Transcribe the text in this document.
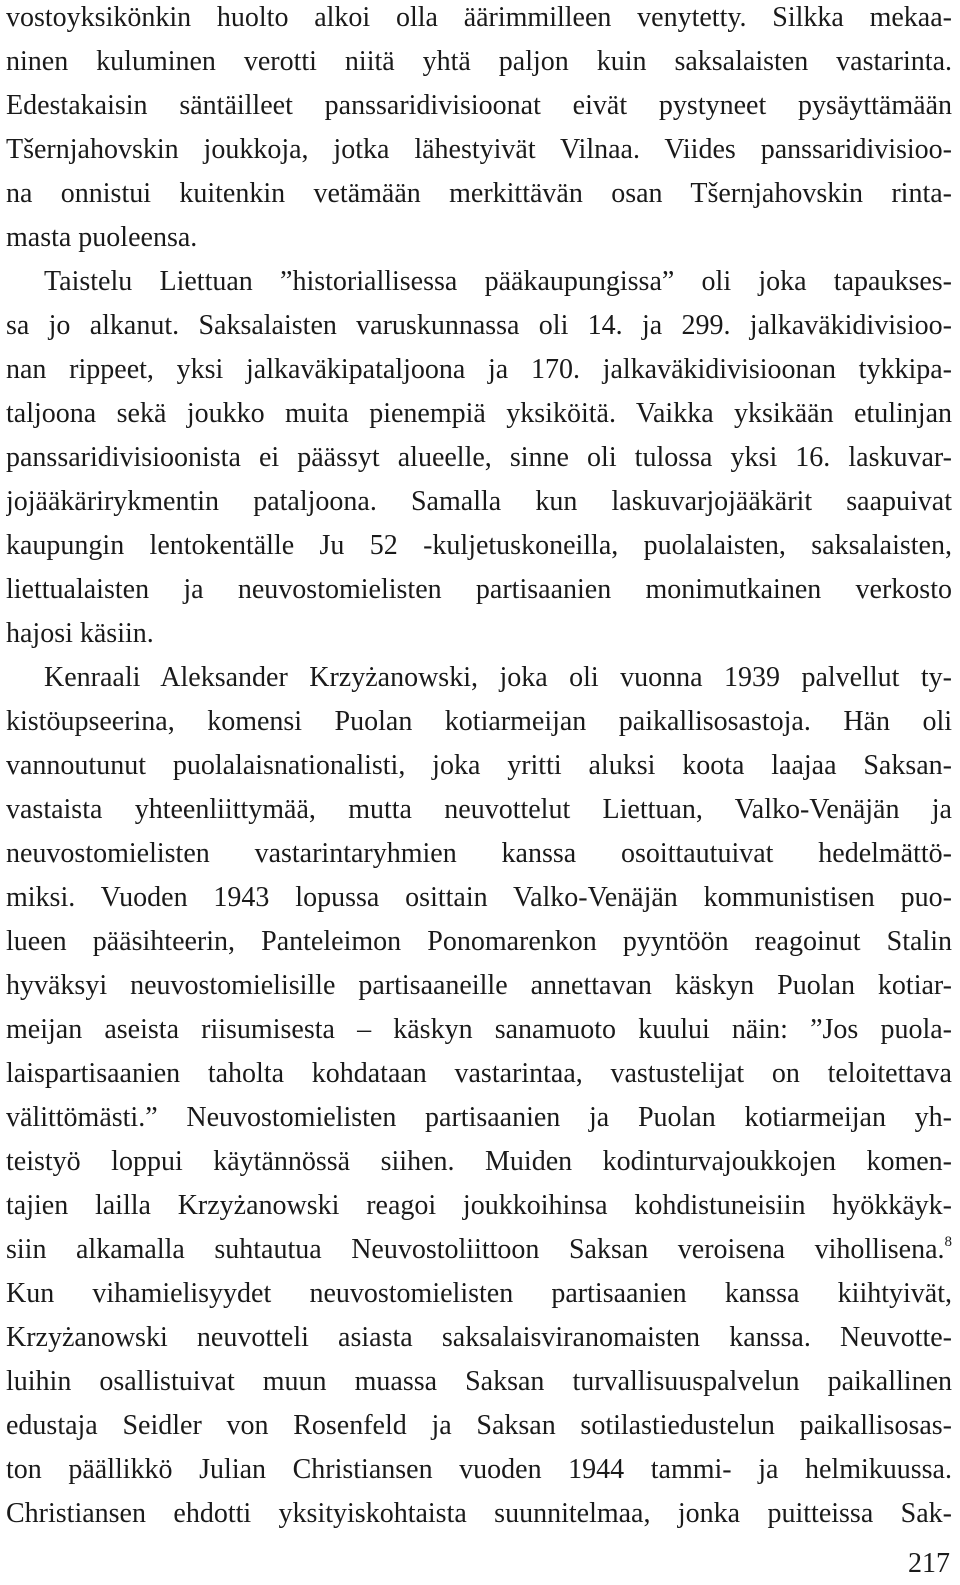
vostoyksikönkin huolto alkoi olla äärimmilleen venytetty. Silkka mekaa-
ninen kuluminen verotti niitä yhtä paljon kuin saksalaisten vastarinta.
Edestakaisin säntäilleet panssaridivisioonat eivät pystyneet pysäyttämään
Tšernjahovskin joukkoja, jotka lähestyivät Vilnaa. Viides panssaridivisioo-
na onnistui kuitenkin vetämään merkittävän osan Tšernjahovskin rinta-
masta puoleensa.
Taistelu Liettuan ”historiallisessa pääkaupungissa” oli joka tapaukses-
sa jo alkanut. Saksalaisten varuskunnassa oli 14. ja 299. jalkaväkidivisioo-
nan rippeet, yksi jalkaväkipataljoona ja 170. jalkaväkidivisioonan tykkipa-
taljoona sekä joukko muita pienempiä yksiköitä. Vaikka yksikään etulinjan
panssaridivisioonista ei päässyt alueelle, sinne oli tulossa yksi 16. laskuvar-
jojääkärirykmentin pataljoona. Samalla kun laskuvarjojääkärit saapuivat
kaupungin lentokentälle Ju 52 -kuljetuskoneilla, puolalaisten, saksalaisten,
liettualaisten ja neuvostomielisten partisaanien monimutkainen verkosto
hajosi käsiin.
Kenraali Aleksander Krzyżanowski, joka oli vuonna 1939 palvellut ty-
kistöupseerina, komensi Puolan kotiarmeijan paikallisosastoja. Hän oli
vannoutunut puolalaisnationalisti, joka yritti aluksi koota laajaa Saksan-
vastaista yhteenliittymää, mutta neuvottelut Liettuan, Valko-Venäjän ja
neuvostomielisten vastarintaryhmien kanssa osoittautuivat hedelmättö-
miksi. Vuoden 1943 lopussa osittain Valko-Venäjän kommunistisen puo-
lueen pääsihteerin, Panteleimon Ponomarenkon pyyntöön reagoinut Stalin
hyväksyi neuvostomielisille partisaaneille annettavan käskyn Puolan kotiar-
meijan aseista riisumisesta – käskyn sanamuoto kuului näin: ”Jos puola-
laispartisaanien taholta kohdataan vastarintaa, vastustelijat on teloitettava
välittömästi.” Neuvostomielisten partisaanien ja Puolan kotiarmeijan yh-
teistyö loppui käytännössä siihen. Muiden kodinturvajoukkojen komen-
tajien lailla Krzyżanowski reagoi joukkoihinsa kohdistuneisiin hyökkäyk-
siin alkamalla suhtautua Neuvostoliittoon Saksan veroisena vihollisena.$^8$
Kun vihamielisyydet neuvostomielisten partisaanien kanssa kiihtyivät,
Krzyżanowski neuvotteli asiasta saksalaisviranomaisten kanssa. Neuvotte-
luihin osallistuivat muun muassa Saksan turvallisuuspalvelun paikallinen
edustaja Seidler von Rosenfeld ja Saksan sotilastiedustelun paikallisosas-
ton päällikkö Julian Christiansen vuoden 1944 tammi- ja helmikuussa.
Christiansen ehdotti yksityiskohtaista suunnitelmaa, jonka puitteissa Sak-
217
